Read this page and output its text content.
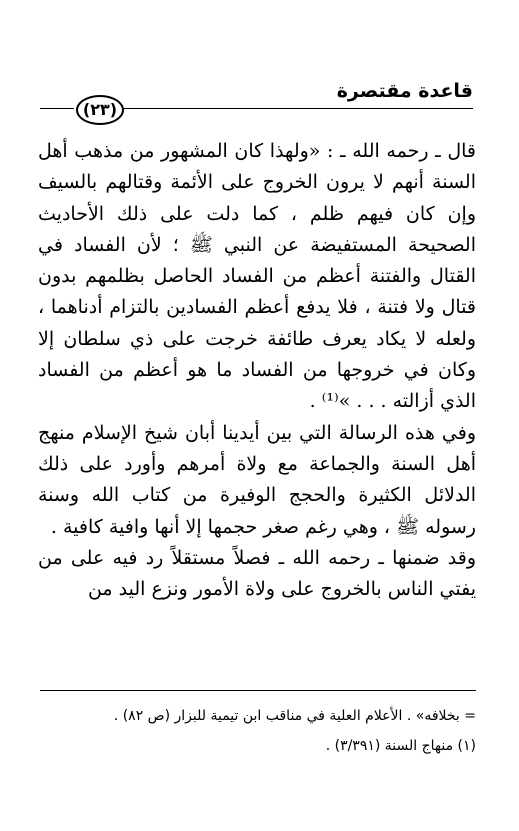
قاعدة مقتصرة
(٢٣)

قال ـ رحمه الله ـ : «ولهذا كان المشهور من مذهب أهل السنة أنهم لا يرون الخروج على الأئمة وقتالهم بالسيف وإن كان فيهم ظلم ، كما دلت على ذلك الأحاديث الصحيحة المستفيضة عن النبي ﷺ ؛ لأن الفساد في القتال والفتنة أعظم من الفساد الحاصل بظلمهم بدون قتال ولا فتنة ، فلا يدفع أعظم الفسادين بالتزام أدناهما ، ولعله لا يكاد يعرف طائفة خرجت على ذي سلطان إلا وكان في خروجها من الفساد ما هو أعظم من الفساد الذي أزالته . . . »⁽¹⁾ .

وفي هذه الرسالة التي بين أيدينا أبان شيخ الإسلام منهج أهل السنة والجماعة مع ولاة أمرهم وأورد على ذلك الدلائل الكثيرة والحجج الوفيرة من كتاب الله وسنة رسوله ﷺ ، وهي رغم صغر حجمها إلا أنها وافية كافية .

وقد ضمنها ـ رحمه الله ـ فصلاً مستقلاً رد فيه على من يفتي الناس بالخروج على ولاة الأمور ونزع اليد من

= بخلافه» . الأعلام العلية في مناقب ابن تيمية للبزار (ص ٨٢) .
(١) منهاج السنة (٣/٣٩١) .
